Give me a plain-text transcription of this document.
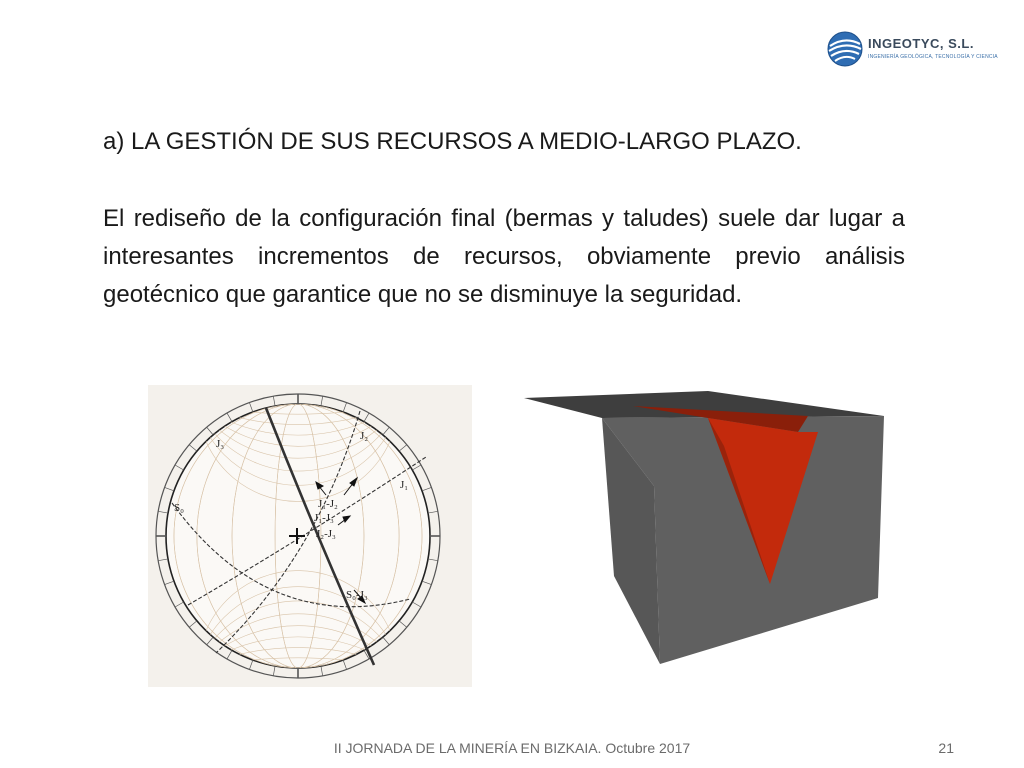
INGEOTYC, S.L.
INGENIERÍA GEOLÓGICA, TECNOLOGÍA Y CIENCIA
a) LA GESTIÓN DE SUS RECURSOS A MEDIO-LARGO PLAZO.
El rediseño de la configuración final (bermas y taludes) suele dar lugar a interesantes incrementos de recursos, obviamente previo análisis geotécnico que garantice que no se disminuye la seguridad.
J₃
J₂
J₁
S₀	J₁-J₂
J₁-J₃
J₂-J₃
S₀-J₃
II JORNADA DE LA MINERÍA EN BIZKAIA. Octubre 2017	21
